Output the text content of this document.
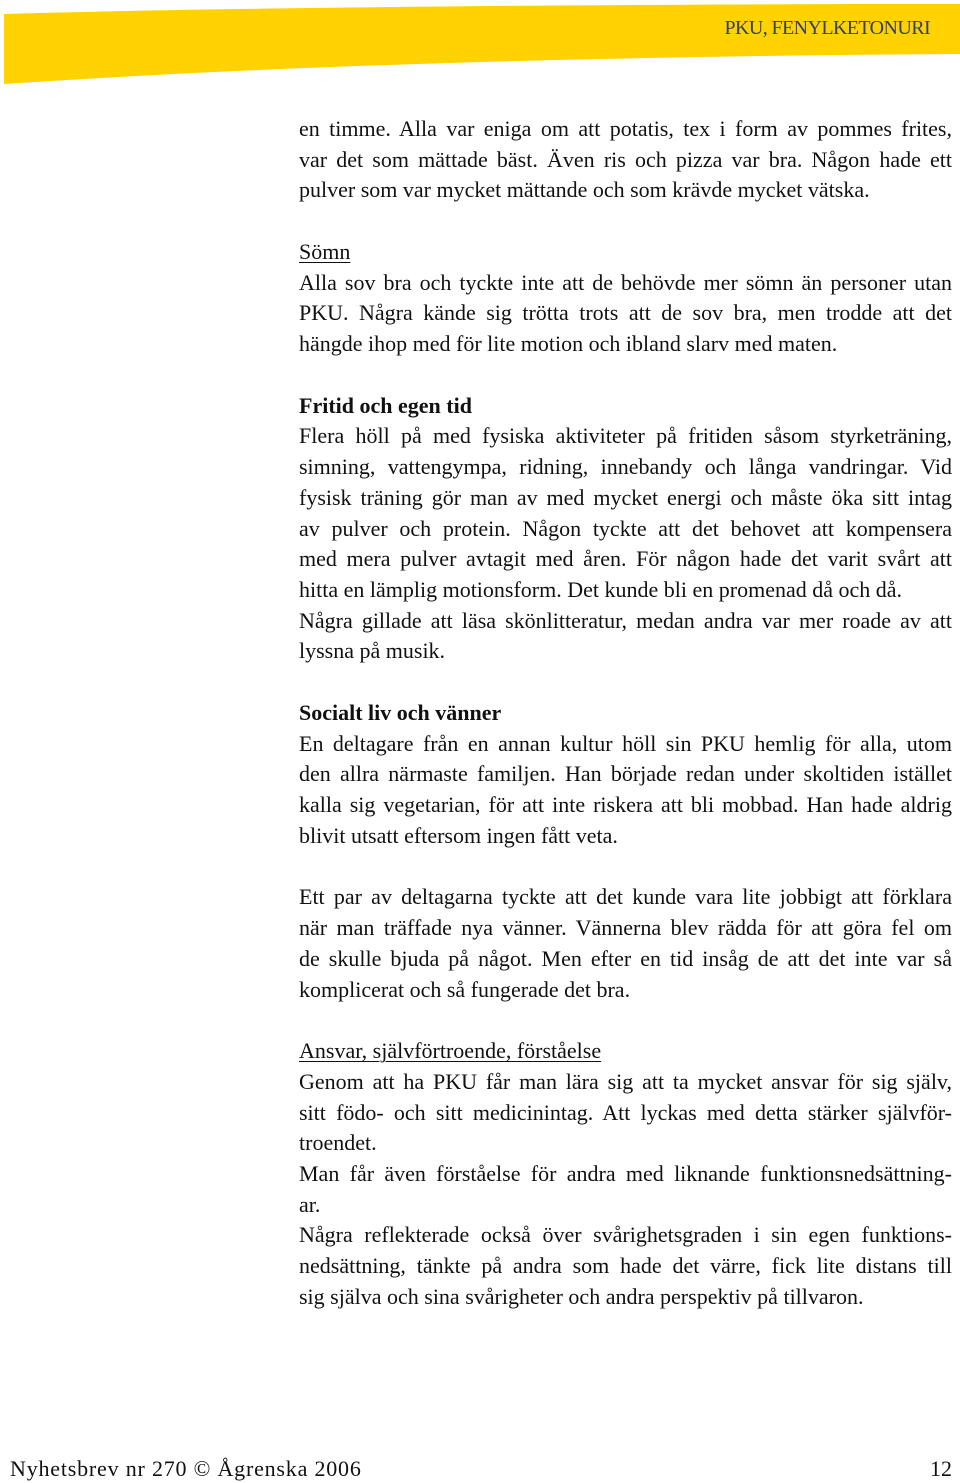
PKU, FENYLKETONURI
en timme. Alla var eniga om att potatis, tex i form av pommes frites,
var det som mättade bäst. Även ris och pizza var bra. Någon hade ett
pulver som var mycket mättande och som krävde mycket vätska.
Sömn
Alla sov bra och tyckte inte att de behövde mer sömn än personer utan
PKU. Några kände sig trötta trots att de sov bra, men trodde att det
hängde ihop med för lite motion och ibland slarv med maten.
Fritid och egen tid
Flera höll på med fysiska aktiviteter på fritiden såsom styrketräning,
simning, vattengympa, ridning, innebandy och långa vandringar. Vid
fysisk träning gör man av med mycket energi och måste öka sitt intag
av pulver och protein. Någon tyckte att det behovet att kompensera
med mera pulver avtagit med åren. För någon hade det varit svårt att
hitta en lämplig motionsform. Det kunde bli en promenad då och då.
Några gillade att läsa skönlitteratur, medan andra var mer roade av att
lyssna på musik.
Socialt liv och vänner
En deltagare från en annan kultur höll sin PKU hemlig för alla, utom
den allra närmaste familjen. Han började redan under skoltiden istället
kalla sig vegetarian, för att inte riskera att bli mobbad. Han hade aldrig
blivit utsatt eftersom ingen fått veta.
Ett par av deltagarna tyckte att det kunde vara lite jobbigt att förklara
när man träffade nya vänner. Vännerna blev rädda för att göra fel om
de skulle bjuda på något. Men efter en tid insåg de att det inte var så
komplicerat och så fungerade det bra.
Ansvar, självförtroende, förståelse
Genom att ha PKU får man lära sig att ta mycket ansvar för sig själv,
sitt födo- och sitt medicinintag. Att lyckas med detta stärker självför-
troendet.
Man får även förståelse för andra med liknande funktionsnedsättning-
ar.
Några reflekterade också över svårighetsgraden i sin egen funktions-
nedsättning, tänkte på andra som hade det värre, fick lite distans till
sig själva och sina svårigheter och andra perspektiv på tillvaron.
Nyhetsbrev nr 270 © Ågrenska 2006	12
